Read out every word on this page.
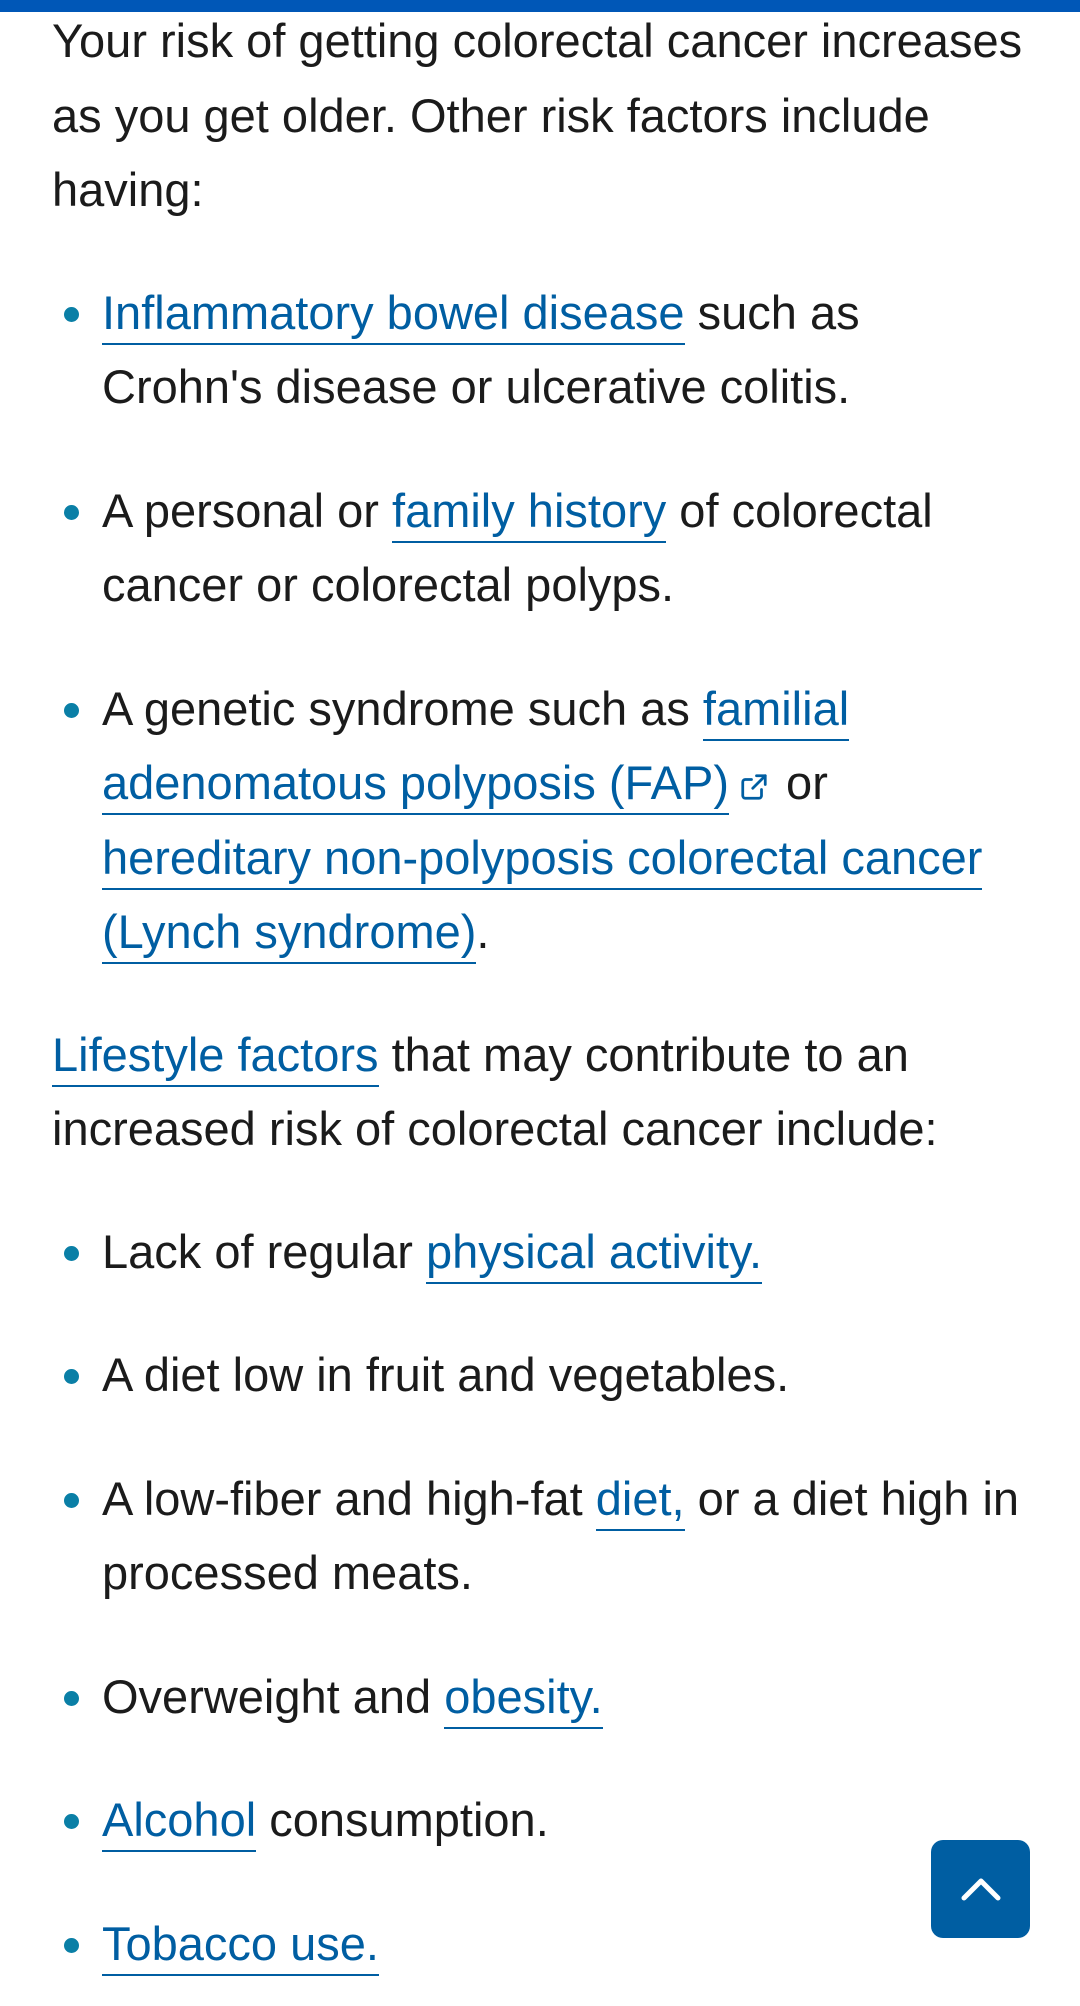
Your risk of getting colorectal cancer increases as you get older. Other risk factors include having:

Inflammatory bowel disease such as Crohn's disease or ulcerative colitis.
A personal or family history of colorectal cancer or colorectal polyps.
A genetic syndrome such as familial adenomatous polyposis (FAP) or hereditary non-polyposis colorectal cancer (Lynch syndrome).

Lifestyle factors that may contribute to an increased risk of colorectal cancer include:

Lack of regular physical activity.
A diet low in fruit and vegetables.
A low-fiber and high-fat diet, or a diet high in processed meats.
Overweight and obesity.
Alcohol consumption.
Tobacco use.
